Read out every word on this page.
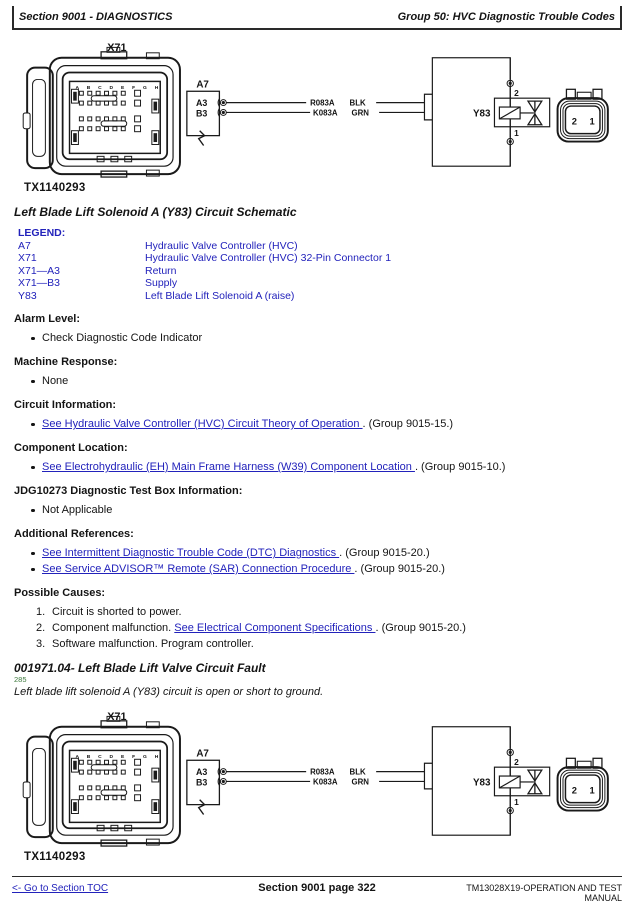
Section 9001 - DIAGNOSTICS	Group 50: HVC Diagnostic Trouble Codes
A B C D E F G H
X71
A7
A3
B3
R083A BLK
K083A GRN
2
Y83
1
2 1
TX1140293
Left Blade Lift Solenoid A (Y83) Circuit Schematic
LEGEND:
A7	Hydraulic Valve Controller (HVC)
X71	Hydraulic Valve Controller (HVC) 32-Pin Connector 1
X71—A3	Return
X71—B3	Supply
Y83	Left Blade Lift Solenoid A (raise)
Alarm Level:
Check Diagnostic Code Indicator
Machine Response:
None
Circuit Information:
See Hydraulic Valve Controller (HVC) Circuit Theory of Operation . (Group 9015-15.)
Component Location:
See Electrohydraulic (EH) Main Frame Harness (W39) Component Location . (Group 9015-10.)
JDG10273 Diagnostic Test Box Information:
Not Applicable
Additional References:
See Intermittent Diagnostic Trouble Code (DTC) Diagnostics . (Group 9015-20.)
See Service ADVISOR™ Remote (SAR) Connection Procedure . (Group 9015-20.)
Possible Causes:
1. Circuit is shorted to power.
2. Component malfunction. See Electrical Component Specifications . (Group 9015-20.)
3. Software malfunction. Program controller.
001971.04- Left Blade Lift Valve Circuit Fault
285
Left blade lift solenoid A (Y83) circuit is open or short to ground.
A B C D E F G H
X71
A7
A3
B3
R083A BLK
K083A GRN
2
Y83
1
2 1
TX1140293
<- Go to Section TOC	Section 9001 page 322	TM13028X19-OPERATION AND TEST MANUAL
